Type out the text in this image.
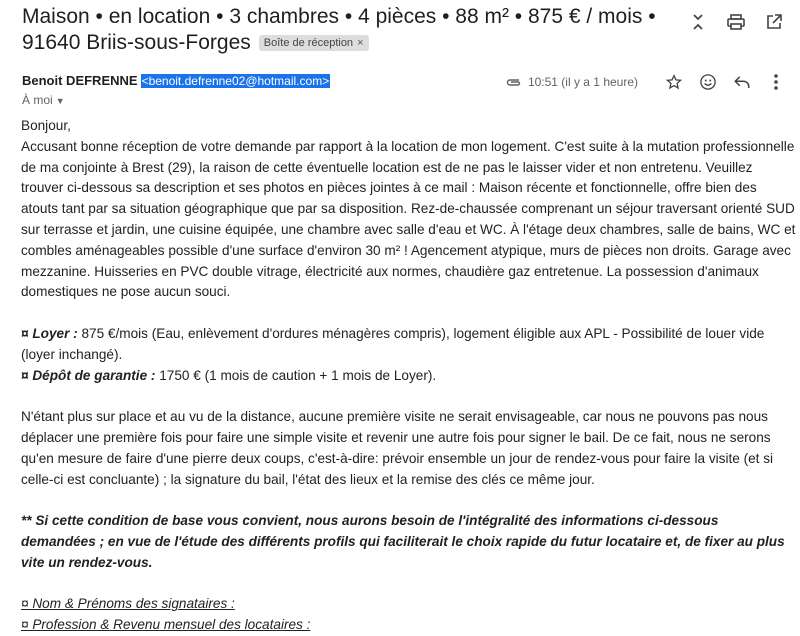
Maison • en location • 3 chambres • 4 pièces • 88 m² • 875 € / mois • 91640 Briis-sous-Forges Boîte de réception ×
Benoit DEFRENNE <benoit.defrenne02@hotmail.com>
À moi ▼
10:51 (il y a 1 heure)

Bonjour,

Accusant bonne réception de votre demande par rapport à la location de mon logement. C'est suite à la mutation professionnelle de ma conjointe à Brest (29), la raison de cette éventuelle location est de ne pas le laisser vider et non entretenu. Veuillez trouver ci-dessous sa description et ses photos en pièces jointes à ce mail : Maison récente et fonctionnelle, offre bien des atouts tant par sa situation géographique que par sa disposition. Rez-de-chaussée comprenant un séjour traversant orienté SUD sur terrasse et jardin, une cuisine équipée, une chambre avec salle d'eau et WC. À l'étage deux chambres, salle de bains, WC et combles aménageables possible d'une surface d'environ 30 m² ! Agencement atypique, murs de pièces non droits. Garage avec mezzanine. Huisseries en PVC double vitrage, électricité aux normes, chaudière gaz entretenue. La possession d'animaux domestiques ne pose aucun souci.

¤ Loyer : 875 €/mois (Eau, enlèvement d'ordures ménagères compris), logement éligible aux APL - Possibilité de louer vide (loyer inchangé).

¤ Dépôt de garantie : 1750 € (1 mois de caution + 1 mois de Loyer).

N'étant plus sur place et au vu de la distance, aucune première visite ne serait envisageable, car nous ne pouvons pas nous déplacer une première fois pour faire une simple visite et revenir une autre fois pour signer le bail. De ce fait, nous ne serons qu'en mesure de faire d'une pierre deux coups, c'est-à-dire: prévoir ensemble un jour de rendez-vous pour faire la visite (et si celle-ci est concluante) ; la signature du bail, l'état des lieux et la remise des clés ce même jour.

** Si cette condition de base vous convient, nous aurons besoin de l'intégralité des informations ci-dessous demandées ; en vue de l'étude des différents profils qui faciliterait le choix rapide du futur locataire et, de fixer au plus vite un rendez-vous.

¤ Nom & Prénoms des signataires :

¤ Profession & Revenu mensuel des locataires :
